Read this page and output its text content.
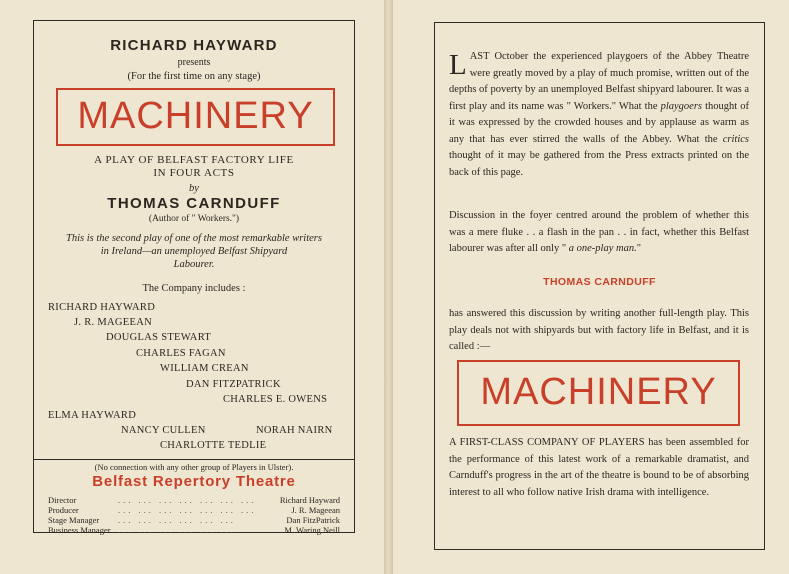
RICHARD HAYWARD
presents
(For the first time on any stage)
MACHINERY
A PLAY OF BELFAST FACTORY LIFE
IN FOUR ACTS
by
THOMAS CARNDUFF
(Author of " Workers.")
This is the second play of one of the most remarkable writers
in Ireland—an unemployed Belfast Shipyard
Labourer.
The Company includes :
RICHARD HAYWARD
J. R. MAGEEAN
DOUGLAS STEWART
CHARLES FAGAN
WILLIAM CREAN
DAN FITZPATRICK
CHARLES E. OWENS
ELMA HAYWARD
NANCY CULLEN
CHARLOTTE TEDLIE
(No connection with any other group of Players in Ulster).
Belfast Repertory Theatre
Director	... ... ... ... ... ... ...	Richard Hayward
Producer	... ... ... ... ... ... ...	J. R. Mageean
Stage Manager ... ... ... ... ... ...	Dan FitzPatrick
Business Manager ... ... ... ... ... ...	M. Waring Neill
LAST October the experienced playgoers of the Abbey Theatre were greatly moved by a play of much promise, written out of the depths of poverty by an unemployed Belfast shipyard labourer. It was a first play and its name was " Workers." What the playgoers thought of it was expressed by the crowded houses and by applause as warm as any that has ever stirred the walls of the Abbey. What the critics thought of it may be gathered from the Press extracts printed on the back of this page.
Discussion in the foyer centred around the problem of whether this was a mere fluke . . a flash in the pan . . in fact, whether this Belfast labourer was after all only " a one-play man."
THOMAS CARNDUFF
has answered this discussion by writing another full-length play. This play deals not with shipyards but with factory life in Belfast, and it is called :—
MACHINERY
A FIRST-CLASS COMPANY OF PLAYERS has been assembled for the performance of this latest work of a remarkable dramatist, and Carnduff's progress in the art of the theatre is bound to be of absorbing interest to all who follow native Irish drama with intelligence.
NORAH NAIRN
